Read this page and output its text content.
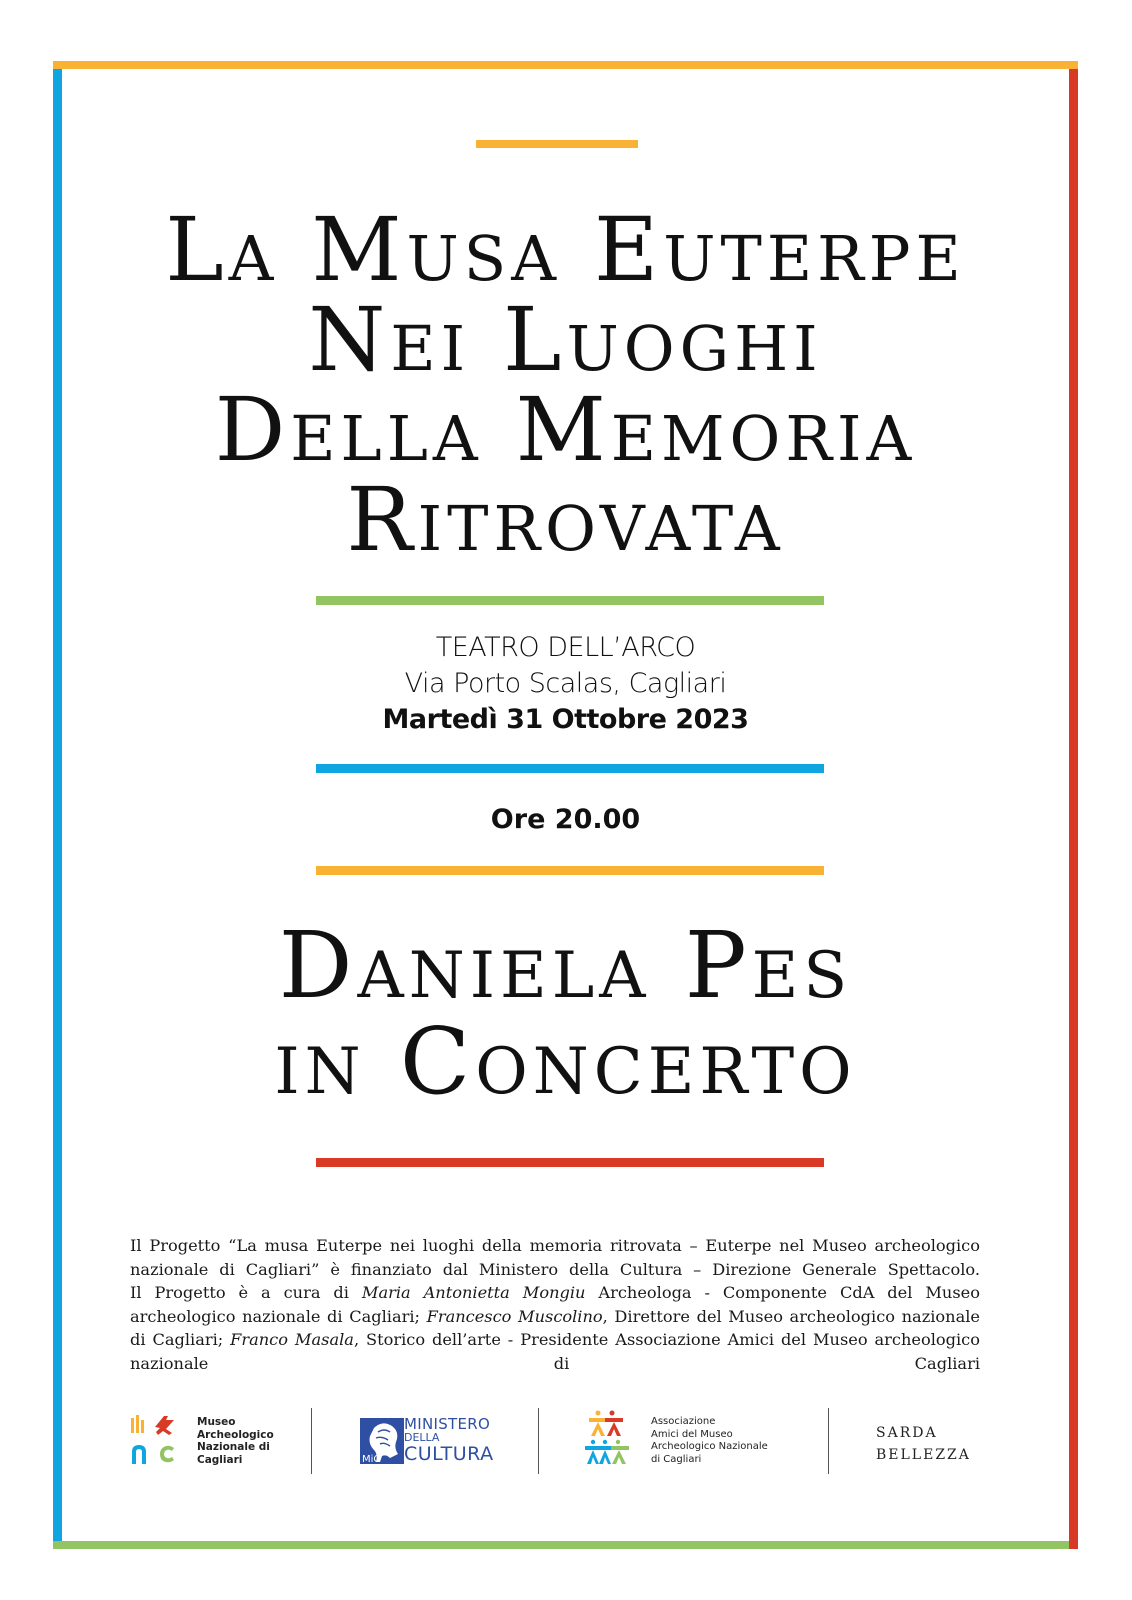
La Musa Euterpe
Nei Luoghi
Della Memoria
Ritrovata
TEATRO DELL’ARCO
Via Porto Scalas, Cagliari
Martedì 31 Ottobre 2023
Ore 20.00
Daniela Pes
in Concerto

Il Progetto “La musa Euterpe nei luoghi della memoria ritrovata – Euterpe nel Museo archeologico nazionale di Cagliari” è finanziato dal Ministero della Cultura – Direzione Generale Spettacolo.

Il Progetto è a cura di Maria Antonietta Mongiu Archeologa - Componente CdA del Museo archeologico nazionale di Cagliari; Francesco Muscolino, Direttore del Museo archeologico nazionale di Cagliari; Franco Masala, Storico dell’arte - Presidente Associazione Amici del Museo archeologico nazionale di Cagliari

Museo
Archeologico
Nazionale di
Cagliari	MiC
MINISTERO
DELLA
CULTURA
Associazione
Amici del Museo
Archeologico Nazionale
di Cagliari
SARDA
BELLEZZA
